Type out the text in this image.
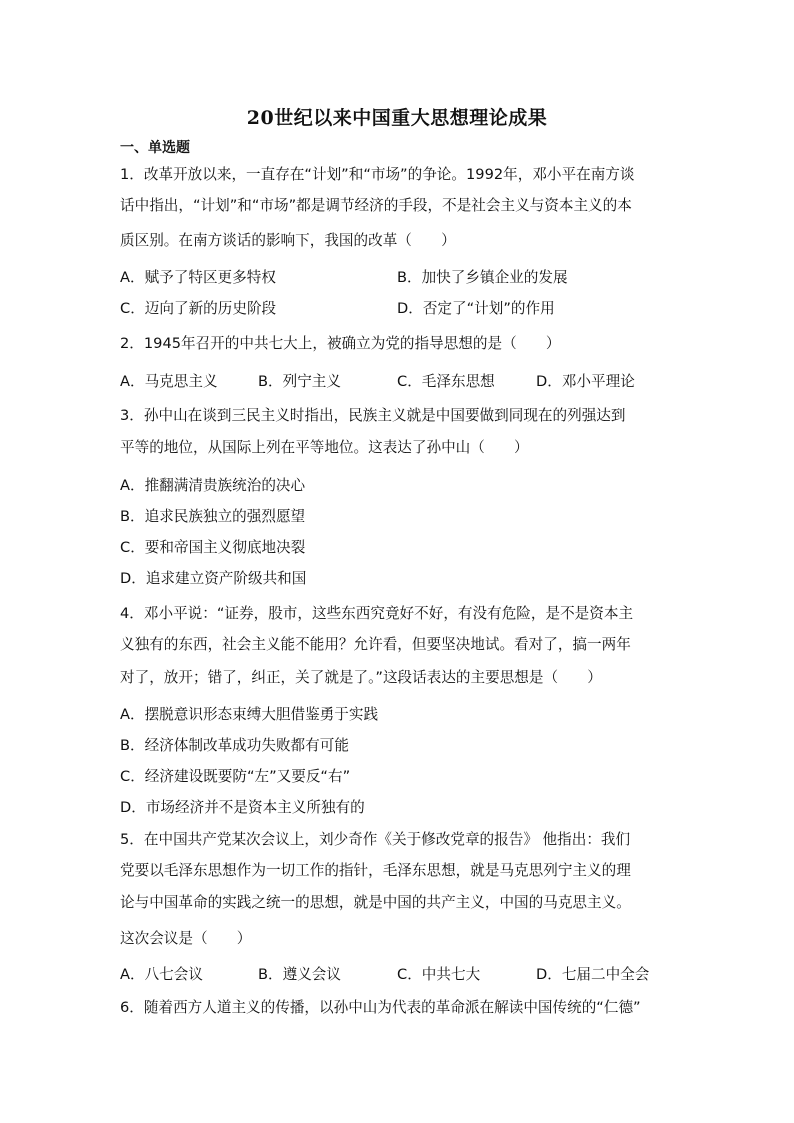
20世纪以来中国重大思想理论成果
一、单选题
1．改革开放以来，一直存在“计划”和“市场”的争论。1992年，邓小平在南方谈
话中指出，“计划”和“市场”都是调节经济的手段，不是社会主义与资本主义的本
质区别。在南方谈话的影响下，我国的改革（　　）
A．赋予了特区更多特权	B．加快了乡镇企业的发展
C．迈向了新的历史阶段	D．否定了“计划”的作用
2．1945年召开的中共七大上，被确立为党的指导思想的是（　　）
A．马克思主义	B．列宁主义	C．毛泽东思想	D．邓小平理论
3．孙中山在谈到三民主义时指出，民族主义就是中国要做到同现在的列强达到
平等的地位，从国际上列在平等地位。这表达了孙中山（　　）
A．推翻满清贵族统治的决心
B．追求民族独立的强烈愿望
C．要和帝国主义彻底地决裂
D．追求建立资产阶级共和国
4．邓小平说：“证券，股市，这些东西究竟好不好，有没有危险，是不是资本主
义独有的东西，社会主义能不能用？允许看，但要坚决地试。看对了，搞一两年
对了，放开；错了，纠正，关了就是了。”这段话表达的主要思想是（　　）
A．摆脱意识形态束缚大胆借鉴勇于实践
B．经济体制改革成功失败都有可能
C．经济建设既要防“左”又要反“右”
D．市场经济并不是资本主义所独有的
5．在中国共产党某次会议上，刘少奇作《关于修改党章的报告》 他指出：我们
党要以毛泽东思想作为一切工作的指针，毛泽东思想，就是马克思列宁主义的理
论与中国革命的实践之统一的思想，就是中国的共产主义，中国的马克思主义。
这次会议是（　　）
A．八七会议	B．遵义会议	C．中共七大	D．七届二中全会
6．随着西方人道主义的传播，以孙中山为代表的革命派在解读中国传统的“仁德”
